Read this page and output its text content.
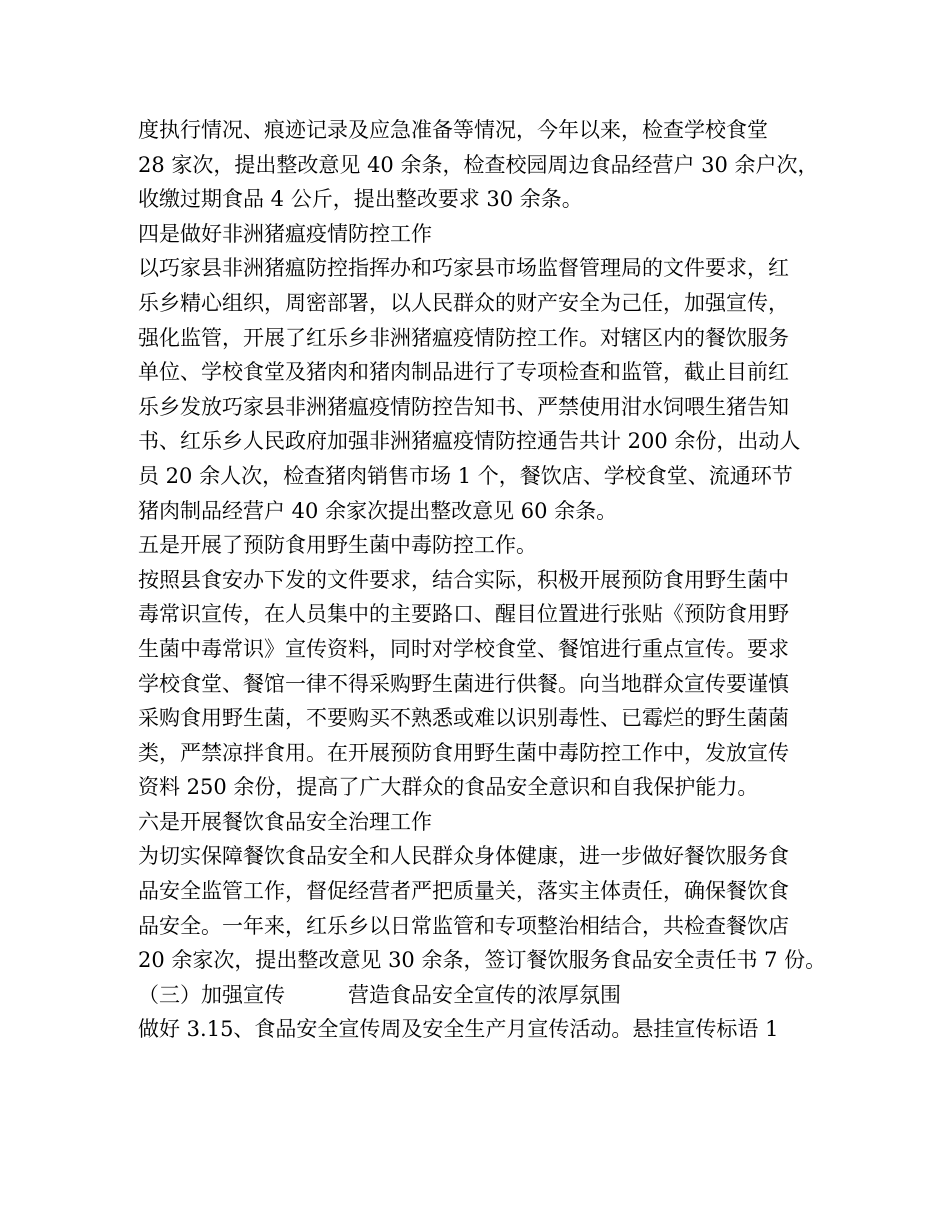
度执行情况、痕迹记录及应急准备等情况，今年以来，检查学校食堂
28 家次，提出整改意见 40 余条，检查校园周边食品经营户 30 余户次，
收缴过期食品 4 公斤，提出整改要求 30 余条。
四是做好非洲猪瘟疫情防控工作
以巧家县非洲猪瘟防控指挥办和巧家县市场监督管理局的文件要求，红
乐乡精心组织，周密部署，以人民群众的财产安全为己任，加强宣传，
强化监管，开展了红乐乡非洲猪瘟疫情防控工作。对辖区内的餐饮服务
单位、学校食堂及猪肉和猪肉制品进行了专项检查和监管，截止目前红
乐乡发放巧家县非洲猪瘟疫情防控告知书、严禁使用泔水饲喂生猪告知
书、红乐乡人民政府加强非洲猪瘟疫情防控通告共计 200 余份，出动人
员 20 余人次，检查猪肉销售市场 1 个，餐饮店、学校食堂、流通环节
猪肉制品经营户 40 余家次提出整改意见 60 余条。
五是开展了预防食用野生菌中毒防控工作。
按照县食安办下发的文件要求，结合实际，积极开展预防食用野生菌中
毒常识宣传，在人员集中的主要路口、醒目位置进行张贴《预防食用野
生菌中毒常识》宣传资料，同时对学校食堂、餐馆进行重点宣传。要求
学校食堂、餐馆一律不得采购野生菌进行供餐。向当地群众宣传要谨慎
采购食用野生菌，不要购买不熟悉或难以识别毒性、已霉烂的野生菌菌
类，严禁凉拌食用。在开展预防食用野生菌中毒防控工作中，发放宣传
资料 250 余份，提高了广大群众的食品安全意识和自我保护能力。
六是开展餐饮食品安全治理工作
为切实保障餐饮食品安全和人民群众身体健康，进一步做好餐饮服务食
品安全监管工作，督促经营者严把质量关，落实主体责任，确保餐饮食
品安全。一年来，红乐乡以日常监管和专项整治相结合，共检查餐饮店
20 余家次，提出整改意见 30 余条，签订餐饮服务食品安全责任书 7 份。
（三）加强宣传　　　营造食品安全宣传的浓厚氛围
做好 3.15、食品安全宣传周及安全生产月宣传活动。悬挂宣传标语 1
